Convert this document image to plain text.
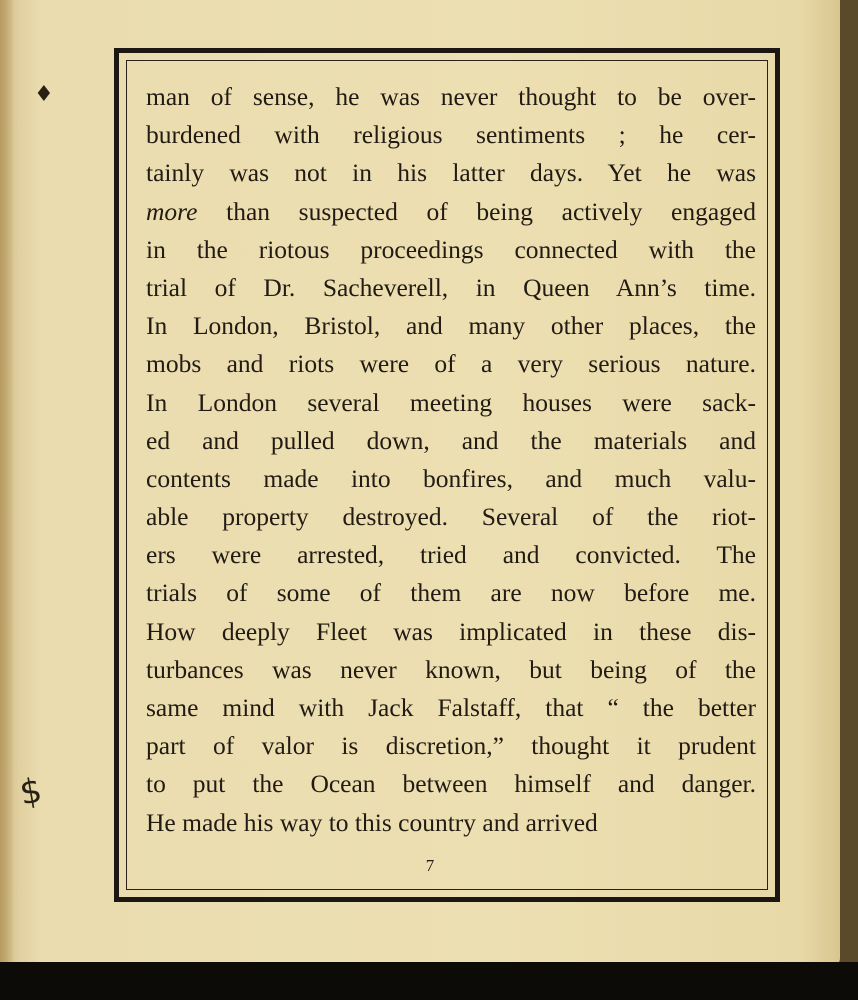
♦
$
man of sense, he was never thought to be over-
burdened with religious sentiments ; he cer-
tainly was not in his latter days. Yet he was
more than suspected of being actively engaged
in the riotous proceedings connected with the
trial of Dr. Sacheverell, in Queen Ann’s time.
In London, Bristol, and many other places, the
mobs and riots were of a very serious nature.
In London several meeting houses were sack-
ed and pulled down, and the materials and
contents made into bonfires, and much valu-
able property destroyed. Several of the riot-
ers were arrested, tried and convicted. The
trials of some of them are now before me.
How deeply Fleet was implicated in these dis-
turbances was never known, but being of the
same mind with Jack Falstaff, that “ the better
part of valor is discretion,” thought it prudent
to put the Ocean between himself and danger.
He made his way to this country and arrived
7
